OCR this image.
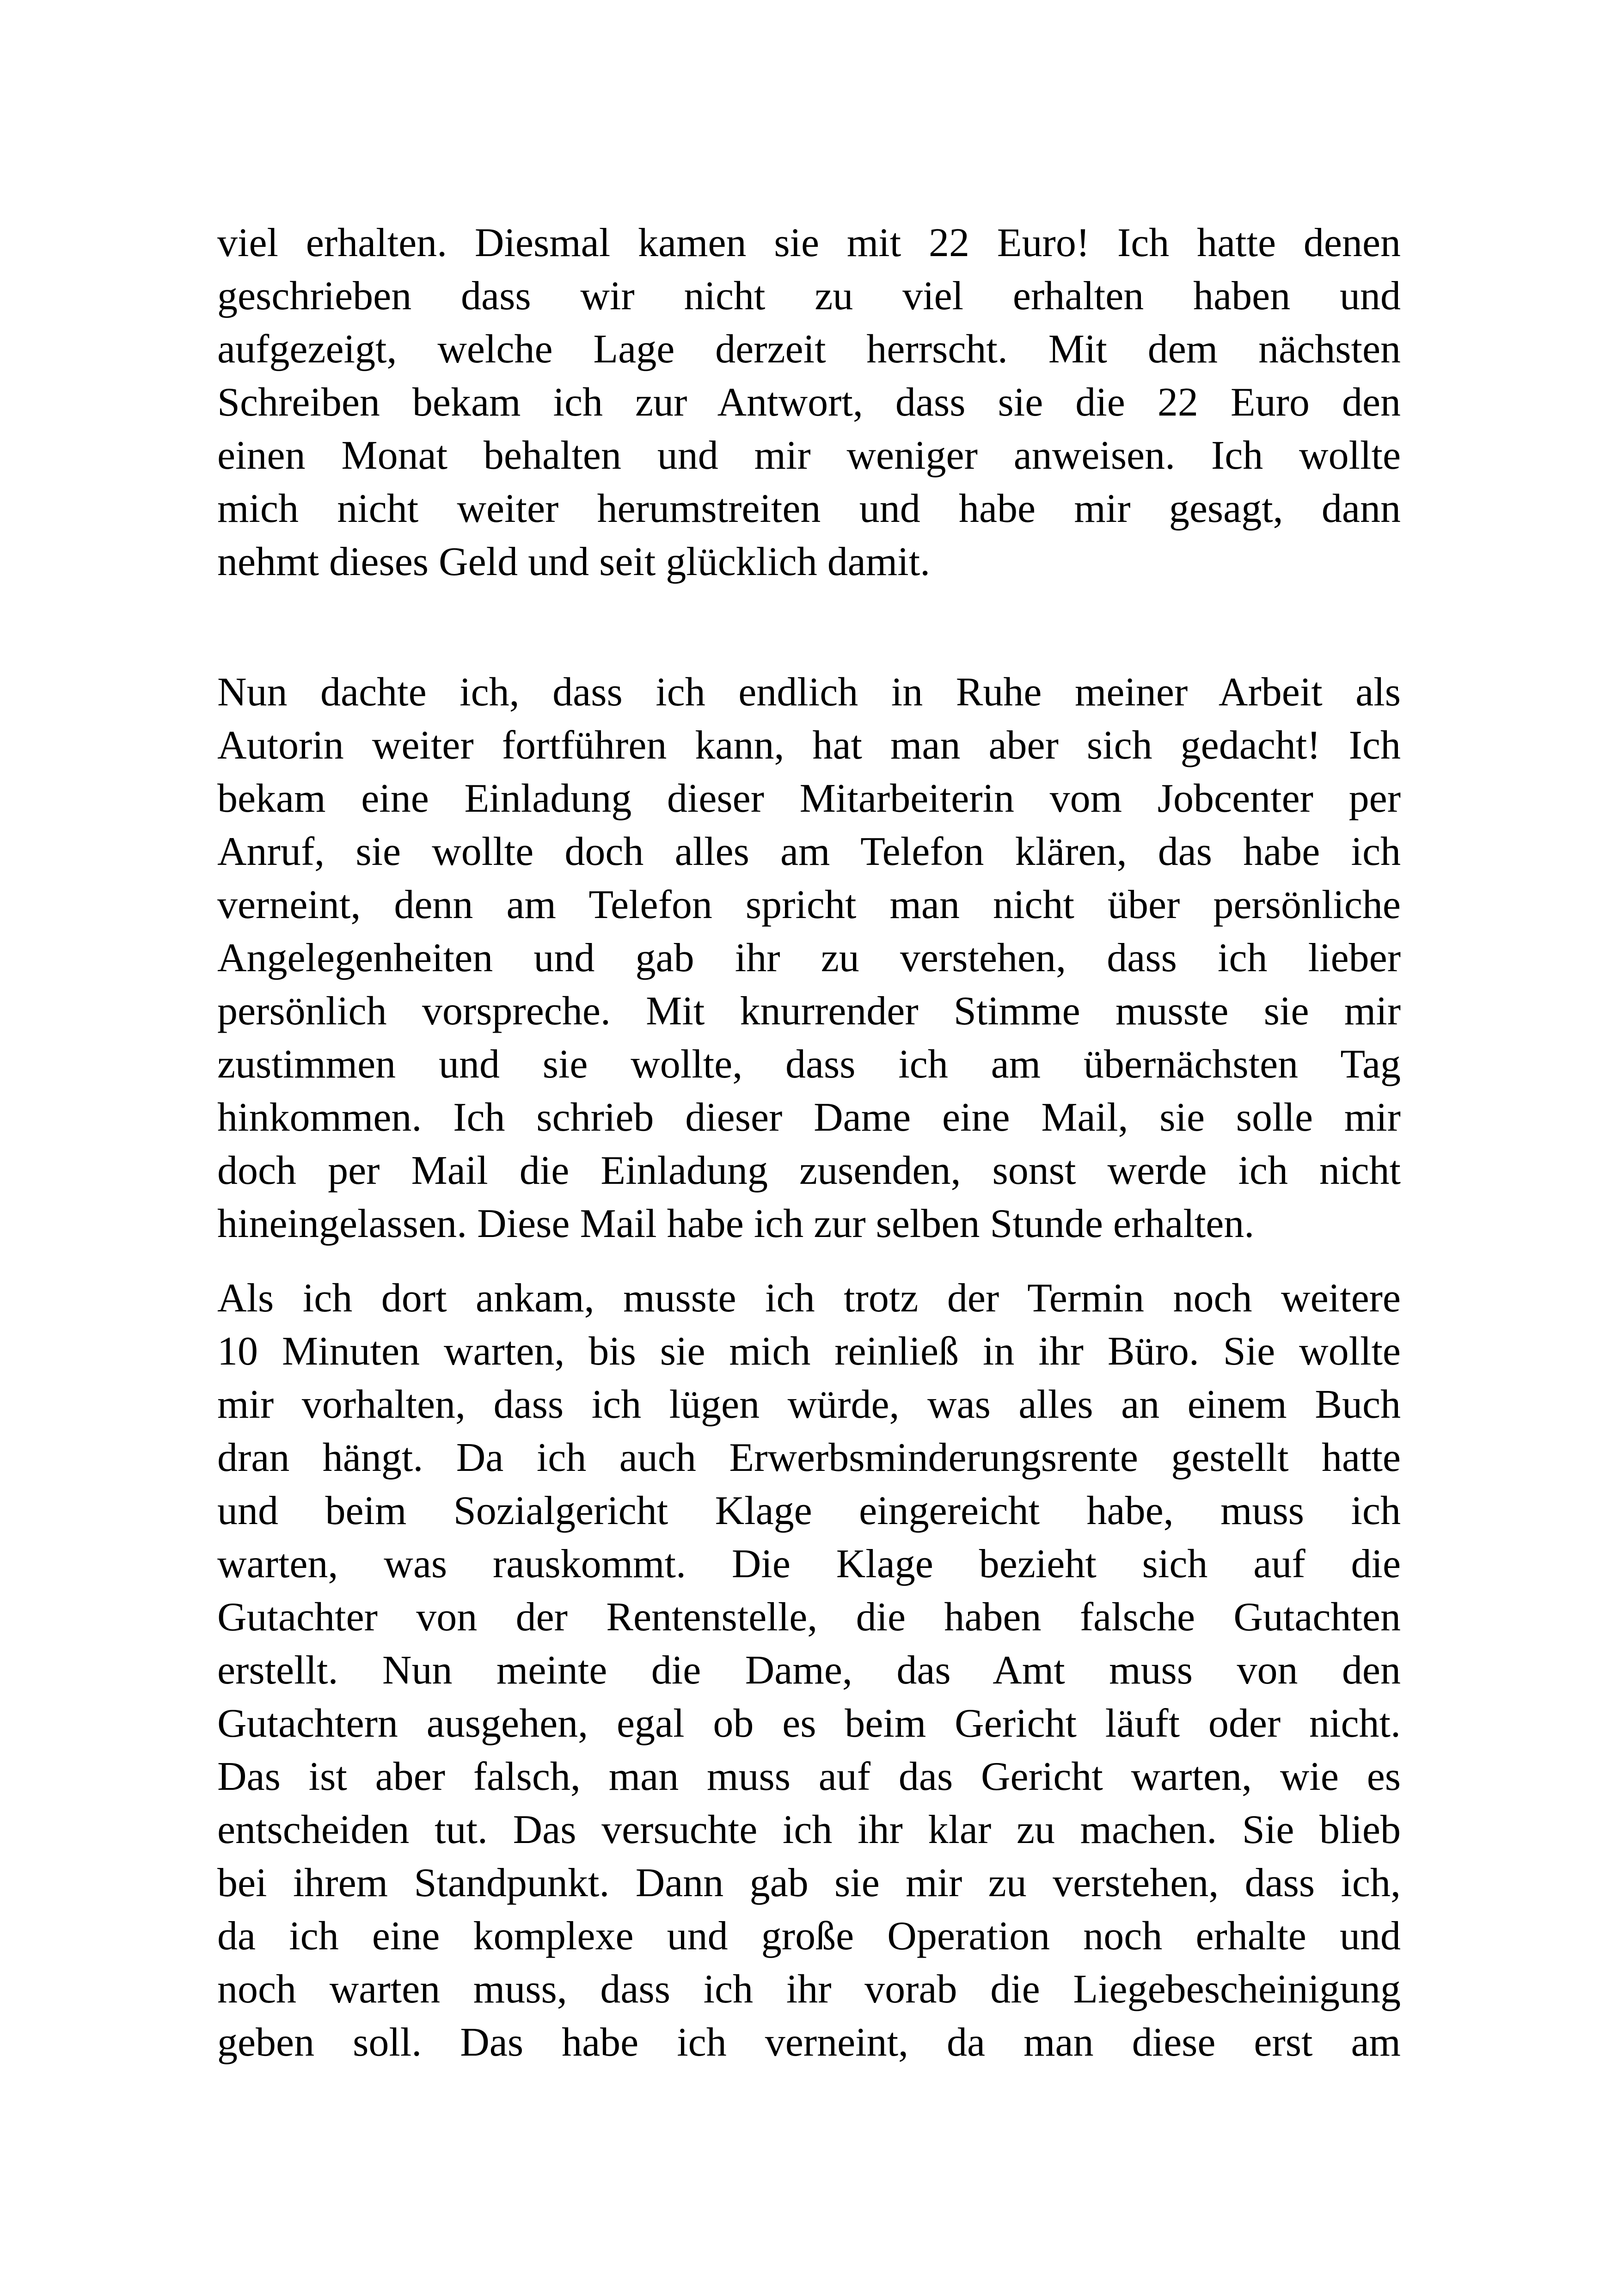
viel erhalten. Diesmal kamen sie mit 22 Euro! Ich hatte denen
geschrieben dass wir nicht zu viel erhalten haben und
aufgezeigt, welche Lage derzeit herrscht. Mit dem nächsten
Schreiben bekam ich zur Antwort, dass sie die 22 Euro den
einen Monat behalten und mir weniger anweisen. Ich wollte
mich nicht weiter herumstreiten und habe mir gesagt, dann
nehmt dieses Geld und seit glücklich damit.
Nun dachte ich, dass ich endlich in Ruhe meiner Arbeit als
Autorin weiter fortführen kann, hat man aber sich gedacht! Ich
bekam eine Einladung dieser Mitarbeiterin vom Jobcenter per
Anruf, sie wollte doch alles am Telefon klären, das habe ich
verneint, denn am Telefon spricht man nicht über persönliche
Angelegenheiten und gab ihr zu verstehen, dass ich lieber
persönlich vorspreche. Mit knurrender Stimme musste sie mir
zustimmen und sie wollte, dass ich am übernächsten Tag
hinkommen. Ich schrieb dieser Dame eine Mail, sie solle mir
doch per Mail die Einladung zusenden, sonst werde ich nicht
hineingelassen. Diese Mail habe ich zur selben Stunde erhalten.
Als ich dort ankam, musste ich trotz der Termin noch weitere
10 Minuten warten, bis sie mich reinließ in ihr Büro. Sie wollte
mir vorhalten, dass ich lügen würde, was alles an einem Buch
dran hängt. Da ich auch Erwerbsminderungsrente gestellt hatte
und beim Sozialgericht Klage eingereicht habe, muss ich
warten, was rauskommt. Die Klage bezieht sich auf die
Gutachter von der Rentenstelle, die haben falsche Gutachten
erstellt. Nun meinte die Dame, das Amt muss von den
Gutachtern ausgehen, egal ob es beim Gericht läuft oder nicht.
Das ist aber falsch, man muss auf das Gericht warten, wie es
entscheiden tut. Das versuchte ich ihr klar zu machen. Sie blieb
bei ihrem Standpunkt. Dann gab sie mir zu verstehen, dass ich,
da ich eine komplexe und große Operation noch erhalte und
noch warten muss, dass ich ihr vorab die Liegebescheinigung
geben soll. Das habe ich verneint, da man diese erst am
